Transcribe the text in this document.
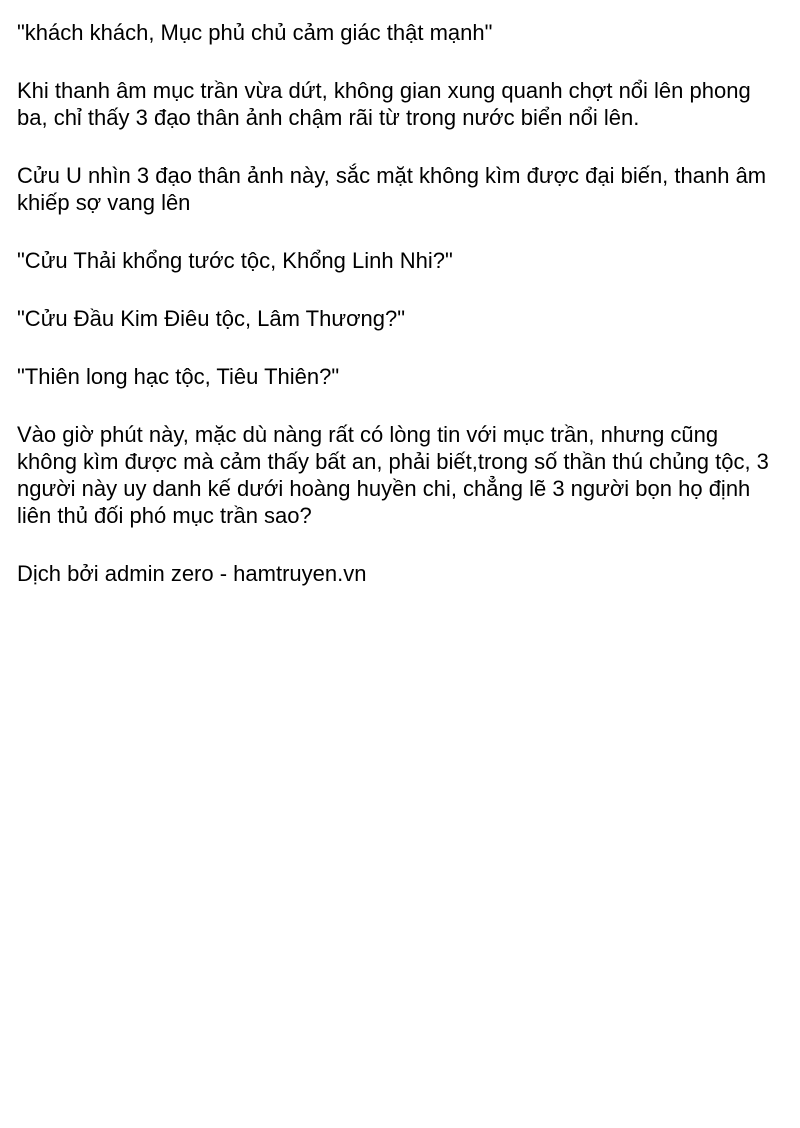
"khách khách, Mục phủ chủ cảm giác thật mạnh"

Khi thanh âm mục trần vừa dứt, không gian xung quanh chợt nổi lên phong ba, chỉ thấy 3 đạo thân ảnh chậm rãi từ trong nước biển nổi lên.

Cửu U nhìn 3 đạo thân ảnh này, sắc mặt không kìm được đại biến, thanh âm khiếp sợ vang lên

"Cửu Thải khổng tước tộc, Khổng Linh Nhi?"

"Cửu Đầu Kim Điêu tộc, Lâm Thương?"

"Thiên long hạc tộc, Tiêu Thiên?"

Vào giờ phút này, mặc dù nàng rất có lòng tin với mục trần, nhưng cũng không kìm được mà cảm thấy bất an, phải biết,trong số thần thú chủng tộc, 3 người này uy danh kế dưới hoàng huyền chi, chẳng lẽ 3 người bọn họ định liên thủ đối phó mục trần sao?

Dịch bởi admin zero - hamtruyen.vn
